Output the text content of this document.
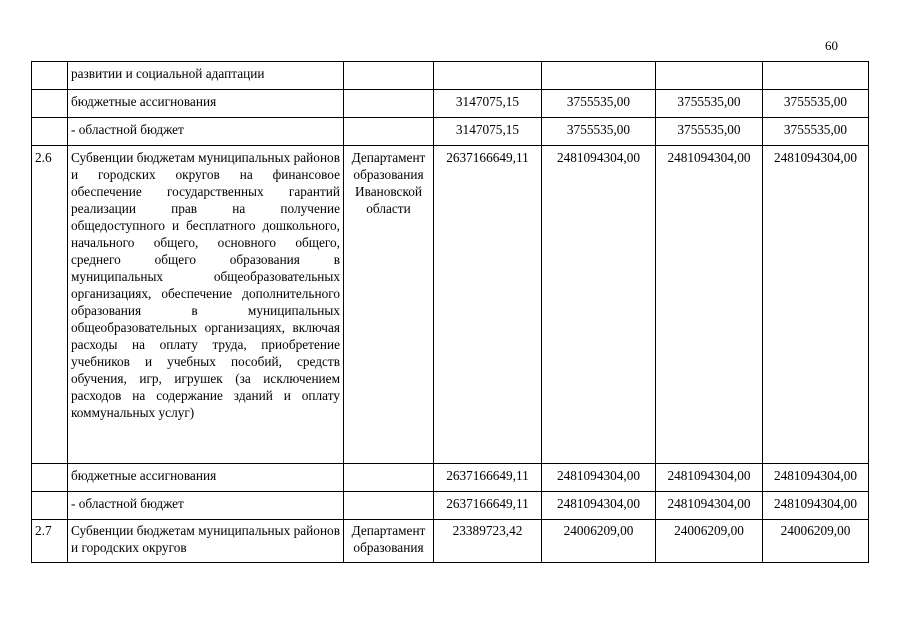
60
	развитии и социальной адаптации					
	бюджетные ассигнования		3147075,15	3755535,00	3755535,00	3755535,00
	- областной бюджет		3147075,15	3755535,00	3755535,00	3755535,00
2.6	Субвенции бюджетам муниципальных районов и городских округов на финансовое обеспечение государственных гарантий реализации прав на получение общедоступного и бесплатного дошкольного, начального общего, основного общего, среднего общего образования в муниципальных общеобразовательных организациях, обеспечение дополнительного образования в муниципальных общеобразовательных организациях, включая расходы на оплату труда, приобретение учебников и учебных пособий, средств обучения, игр, игрушек (за исключением расходов на содержание зданий и оплату коммунальных услуг)	Департамент образования Ивановской области	2637166649,11	2481094304,00	2481094304,00	2481094304,00
	бюджетные ассигнования		2637166649,11	2481094304,00	2481094304,00	2481094304,00
	- областной бюджет		2637166649,11	2481094304,00	2481094304,00	2481094304,00
2.7	Субвенции бюджетам муниципальных районов и городских округов	Департамент образования	23389723,42	24006209,00	24006209,00	24006209,00
